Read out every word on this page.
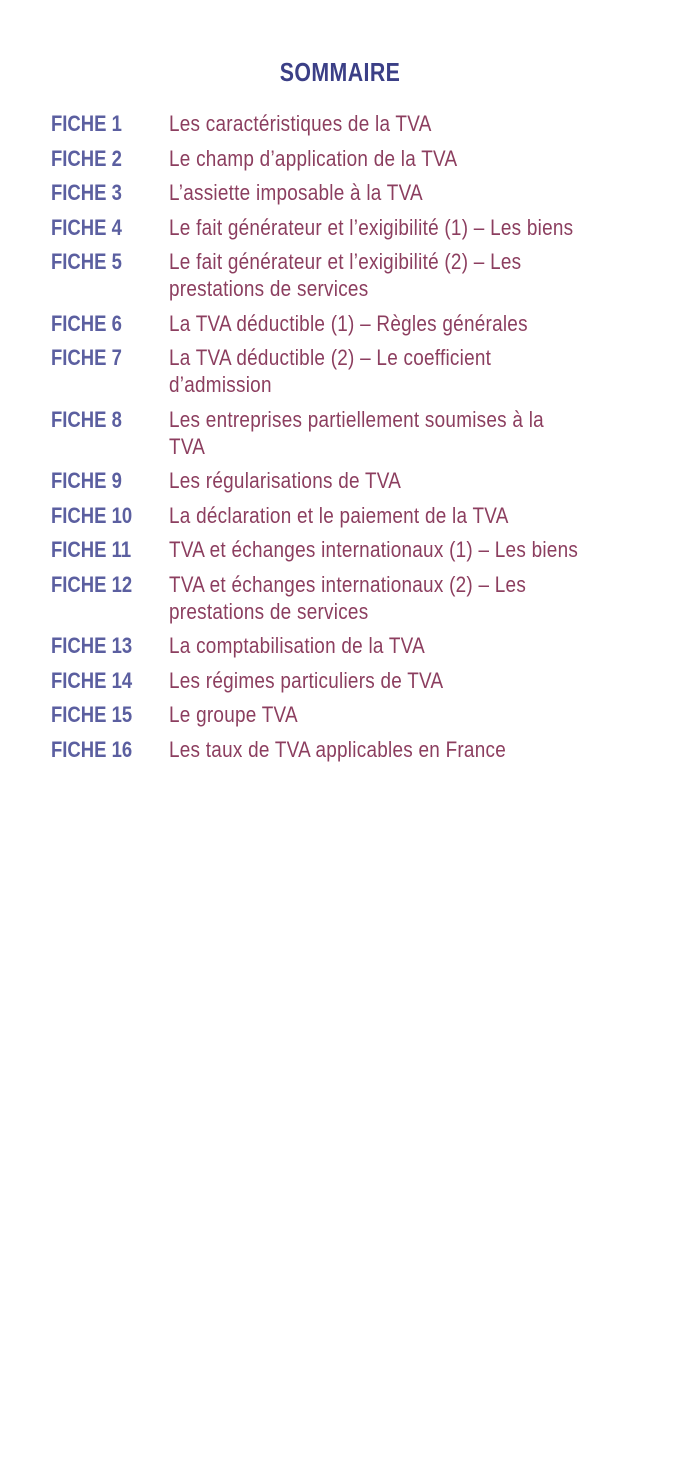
SOMMAIRE
FICHE 1	Les caractéristiques de la TVA
FICHE 2	Le champ d’application de la TVA
FICHE 3	L’assiette imposable à la TVA
FICHE 4	Le fait générateur et l’exigibilité (1) – Les biens
FICHE 5	Le fait générateur et l’exigibilité (2) – Les prestations de services
FICHE 6	La TVA déductible (1) – Règles générales
FICHE 7	La TVA déductible (2) – Le coefficient d’admission
FICHE 8	Les entreprises partiellement soumises à la TVA
FICHE 9	Les régularisations de TVA
FICHE 10	La déclaration et le paiement de la TVA
FICHE 11	TVA et échanges internationaux (1) – Les biens
FICHE 12	TVA et échanges internationaux (2) – Les prestations de services
FICHE 13	La comptabilisation de la TVA
FICHE 14	Les régimes particuliers de TVA
FICHE 15	Le groupe TVA
FICHE 16	Les taux de TVA applicables en France
